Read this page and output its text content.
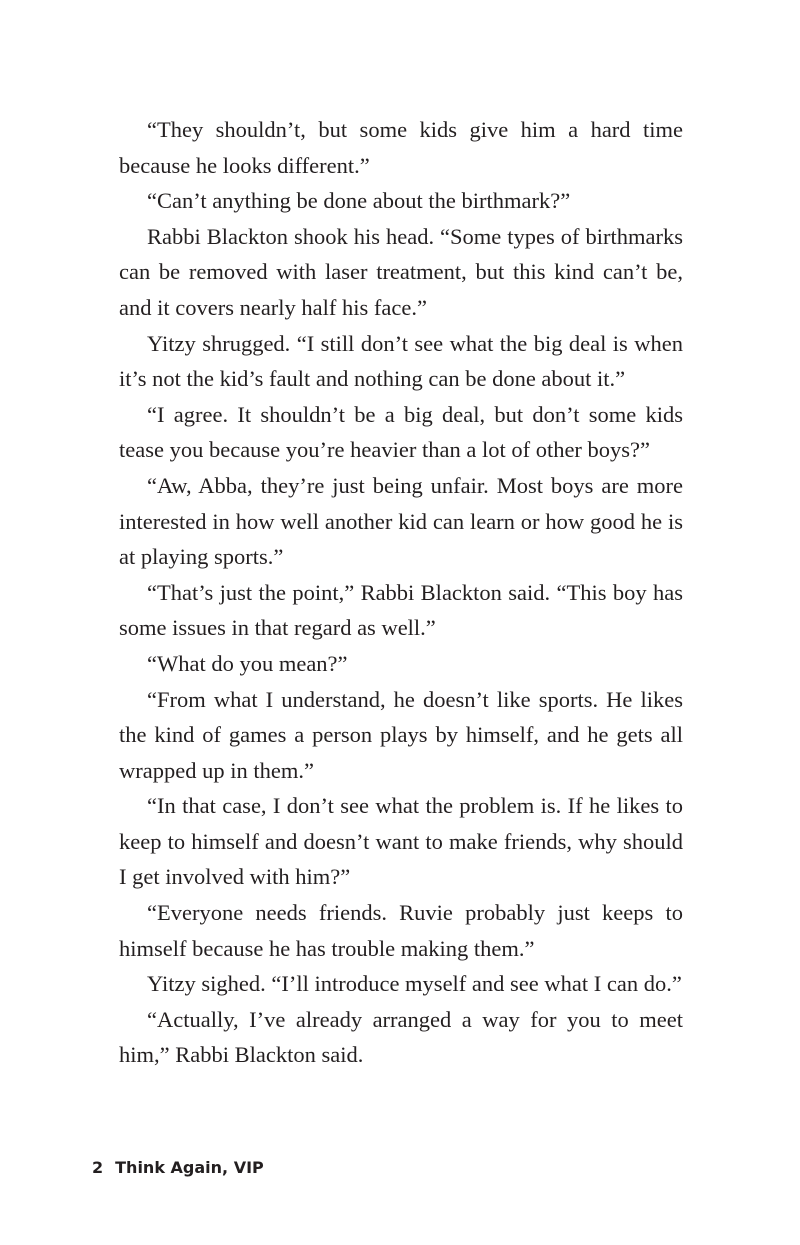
“They shouldn’t, but some kids give him a hard time because he looks different.”

“Can’t anything be done about the birthmark?”

Rabbi Blackton shook his head. “Some types of birthmarks can be removed with laser treatment, but this kind can’t be, and it covers nearly half his face.”

Yitzy shrugged. “I still don’t see what the big deal is when it’s not the kid’s fault and nothing can be done about it.”

“I agree. It shouldn’t be a big deal, but don’t some kids tease you because you’re heavier than a lot of other boys?”

“Aw, Abba, they’re just being unfair. Most boys are more interested in how well another kid can learn or how good he is at playing sports.”

“That’s just the point,” Rabbi Blackton said. “This boy has some issues in that regard as well.”

“What do you mean?”

“From what I understand, he doesn’t like sports. He likes the kind of games a person plays by himself, and he gets all wrapped up in them.”

“In that case, I don’t see what the problem is. If he likes to keep to himself and doesn’t want to make friends, why should I get involved with him?”

“Everyone needs friends. Ruvie probably just keeps to himself because he has trouble making them.”

Yitzy sighed. “I’ll introduce myself and see what I can do.”

“Actually, I’ve already arranged a way for you to meet him,” Rabbi Blackton said.

2 Think Again, VIP
